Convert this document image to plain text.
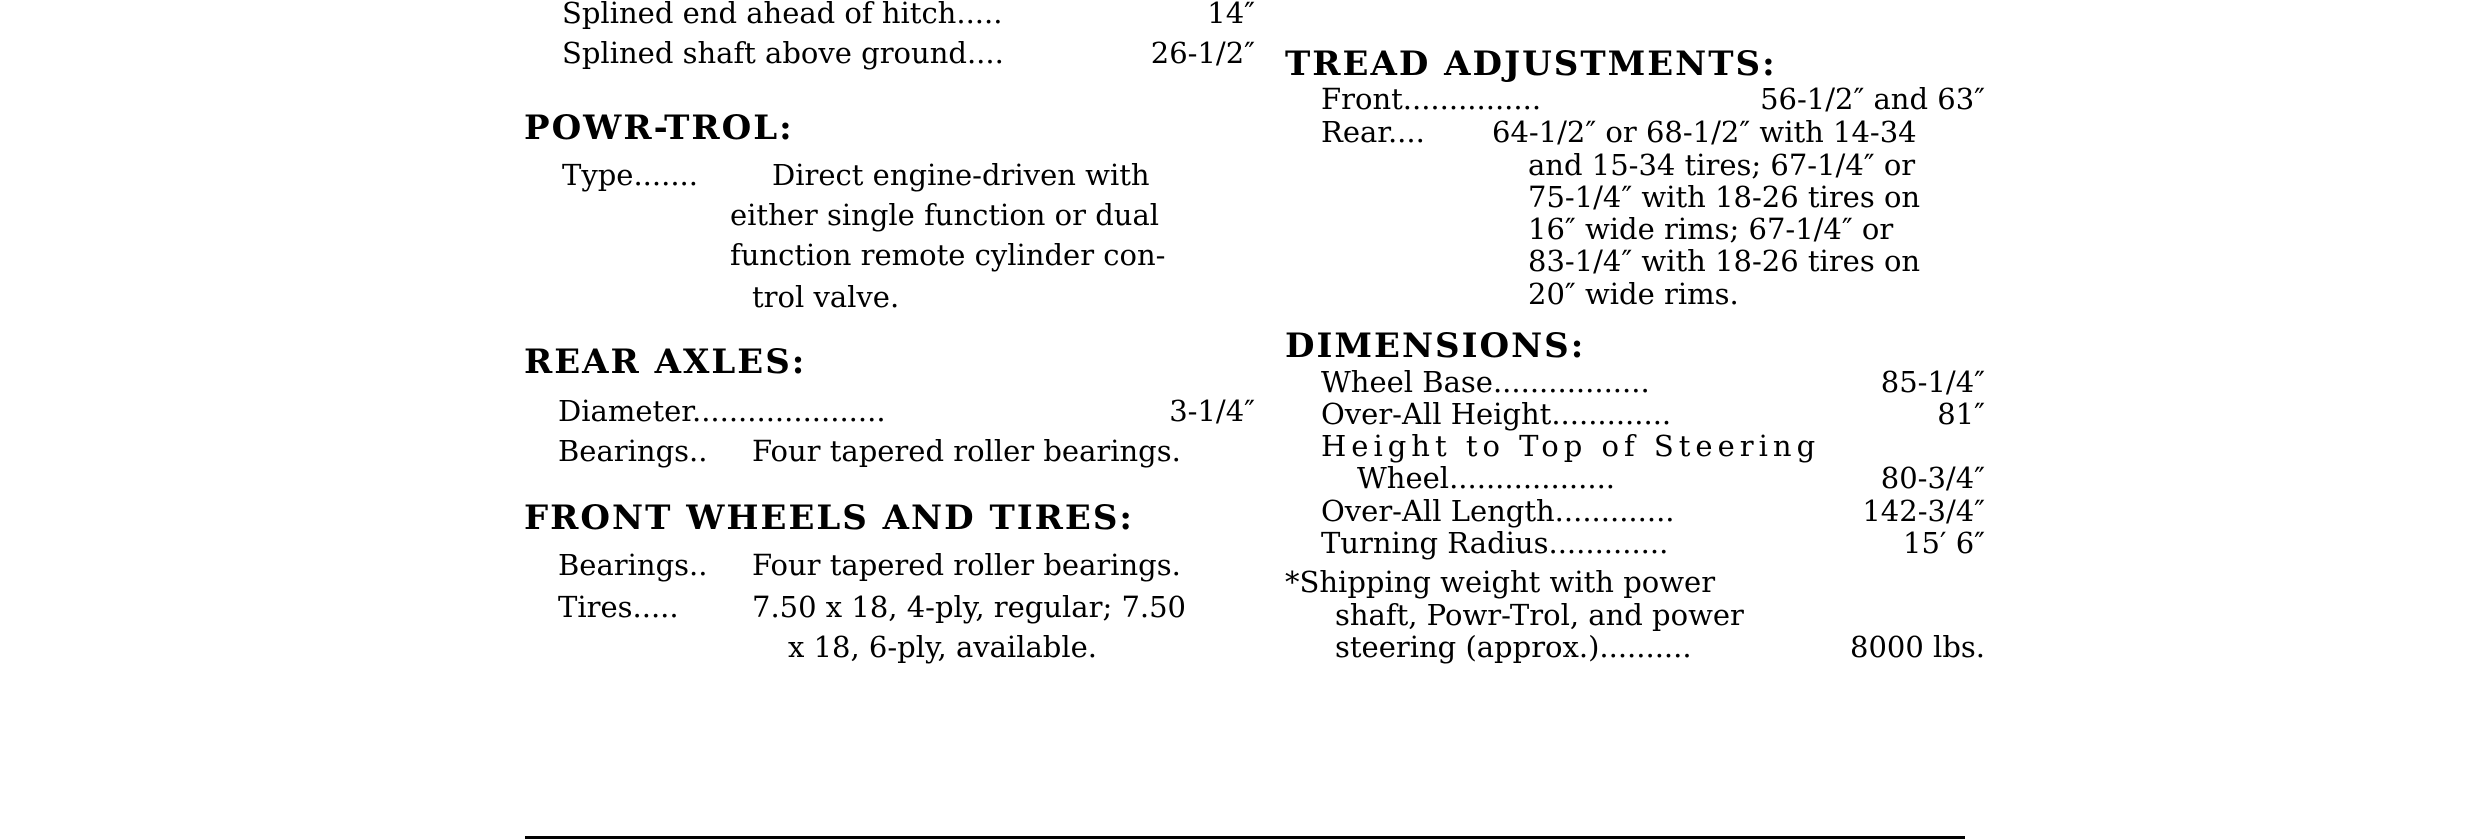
Splined end ahead of hitch.....	14″
Splined shaft above ground....	26-1/2″
POWR-TROL:
Type.......	Direct engine-driven with
either single function or dual
function remote cylinder con-
trol valve.
REAR AXLES:
Diameter.....................	3-1/4″
Bearings.. Four tapered roller bearings.
FRONT WHEELS AND TIRES:
Bearings.. Four tapered roller bearings.
Tires.....	7.50 x 18, 4-ply, regular; 7.50
x 18, 6-ply, available.
TREAD ADJUSTMENTS:
Front...............	56-1/2″ and 63″
Rear.... 64-1/2″ or 68-1/2″ with 14-34
and 15-34 tires; 67-1/4″ or
75-1/4″ with 18-26 tires on
16″ wide rims; 67-1/4″ or
83-1/4″ with 18-26 tires on
20″ wide rims.
DIMENSIONS:
Wheel Base.................	85-1/4″
Over-All Height.............	81″
Height to Top of Steering
Wheel..................	80-3/4″
Over-All Length.............	142-3/4″
Turning Radius.............	15′ 6″
*Shipping weight with power
shaft, Powr-Trol, and power
steering (approx.)..........	8000 lbs.
